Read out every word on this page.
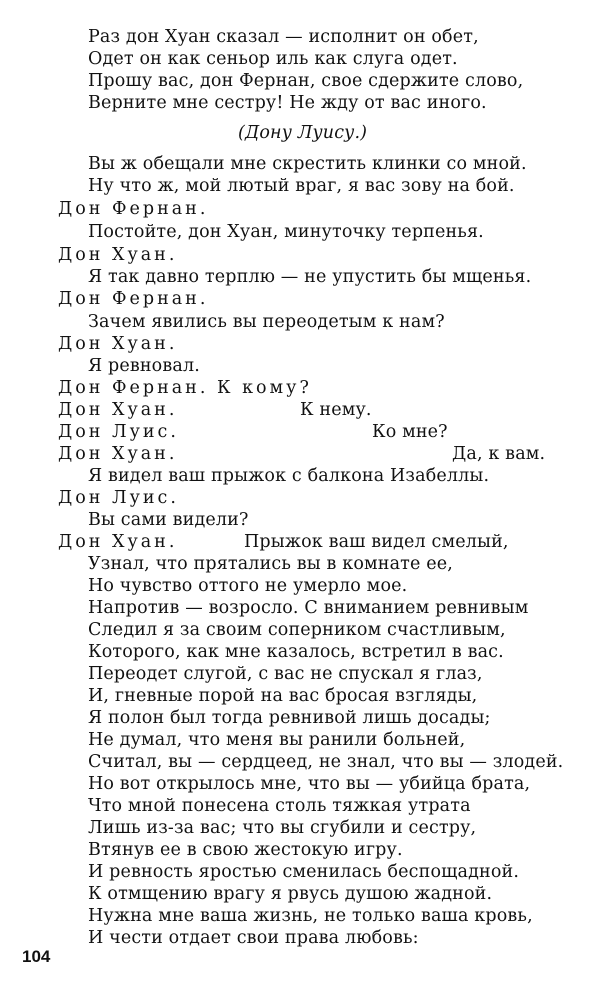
Раз дон Хуан сказал — исполнит он обет,
Одет он как сеньор иль как слуга одет.
Прошу вас, дон Фернан, свое сдержите слово,
Верните мне сестру! Не жду от вас иного.
(Дону Луису.)
Вы ж обещали мне скрестить клинки со мной.
Ну что ж, мой лютый враг, я вас зову на бой.
Дон Фернан.
Постойте, дон Хуан, минуточку терпенья.
Дон Хуан.
Я так давно терплю — не упустить бы мщенья.
Дон Фернан.
Зачем явились вы переодетым к нам?
Дон Хуан.
Я ревновал.
Дон Фернан. К кому?
Дон Хуан.	К нему.
Дон Луис.	Ко мне?
Дон Хуан.	Да, к вам.
Я видел ваш прыжок с балкона Изабеллы.
Дон Луис.
Вы сами видели?
Дон Хуан.	Прыжок ваш видел смелый,
Узнал, что прятались вы в комнате ее,
Но чувство оттого не умерло мое.
Напротив — возросло. С вниманием ревнивым
Следил я за своим соперником счастливым,
Которого, как мне казалось, встретил в вас.
Переодет слугой, с вас не спускал я глаз,
И, гневные порой на вас бросая взгляды,
Я полон был тогда ревнивой лишь досады;
Не думал, что меня вы ранили больней,
Считал, вы — сердцеед, не знал, что вы — злодей.
Но вот открылось мне, что вы — убийца брата,
Что мной понесена столь тяжкая утрата
Лишь из-за вас; что вы сгубили и сестру,
Втянув ее в свою жестокую игру.
И ревность яростью сменилась беспощадной.
К отмщению врагу я рвусь душою жадной.
Нужна мне ваша жизнь, не только ваша кровь,
И чести отдает свои права любовь:
104
